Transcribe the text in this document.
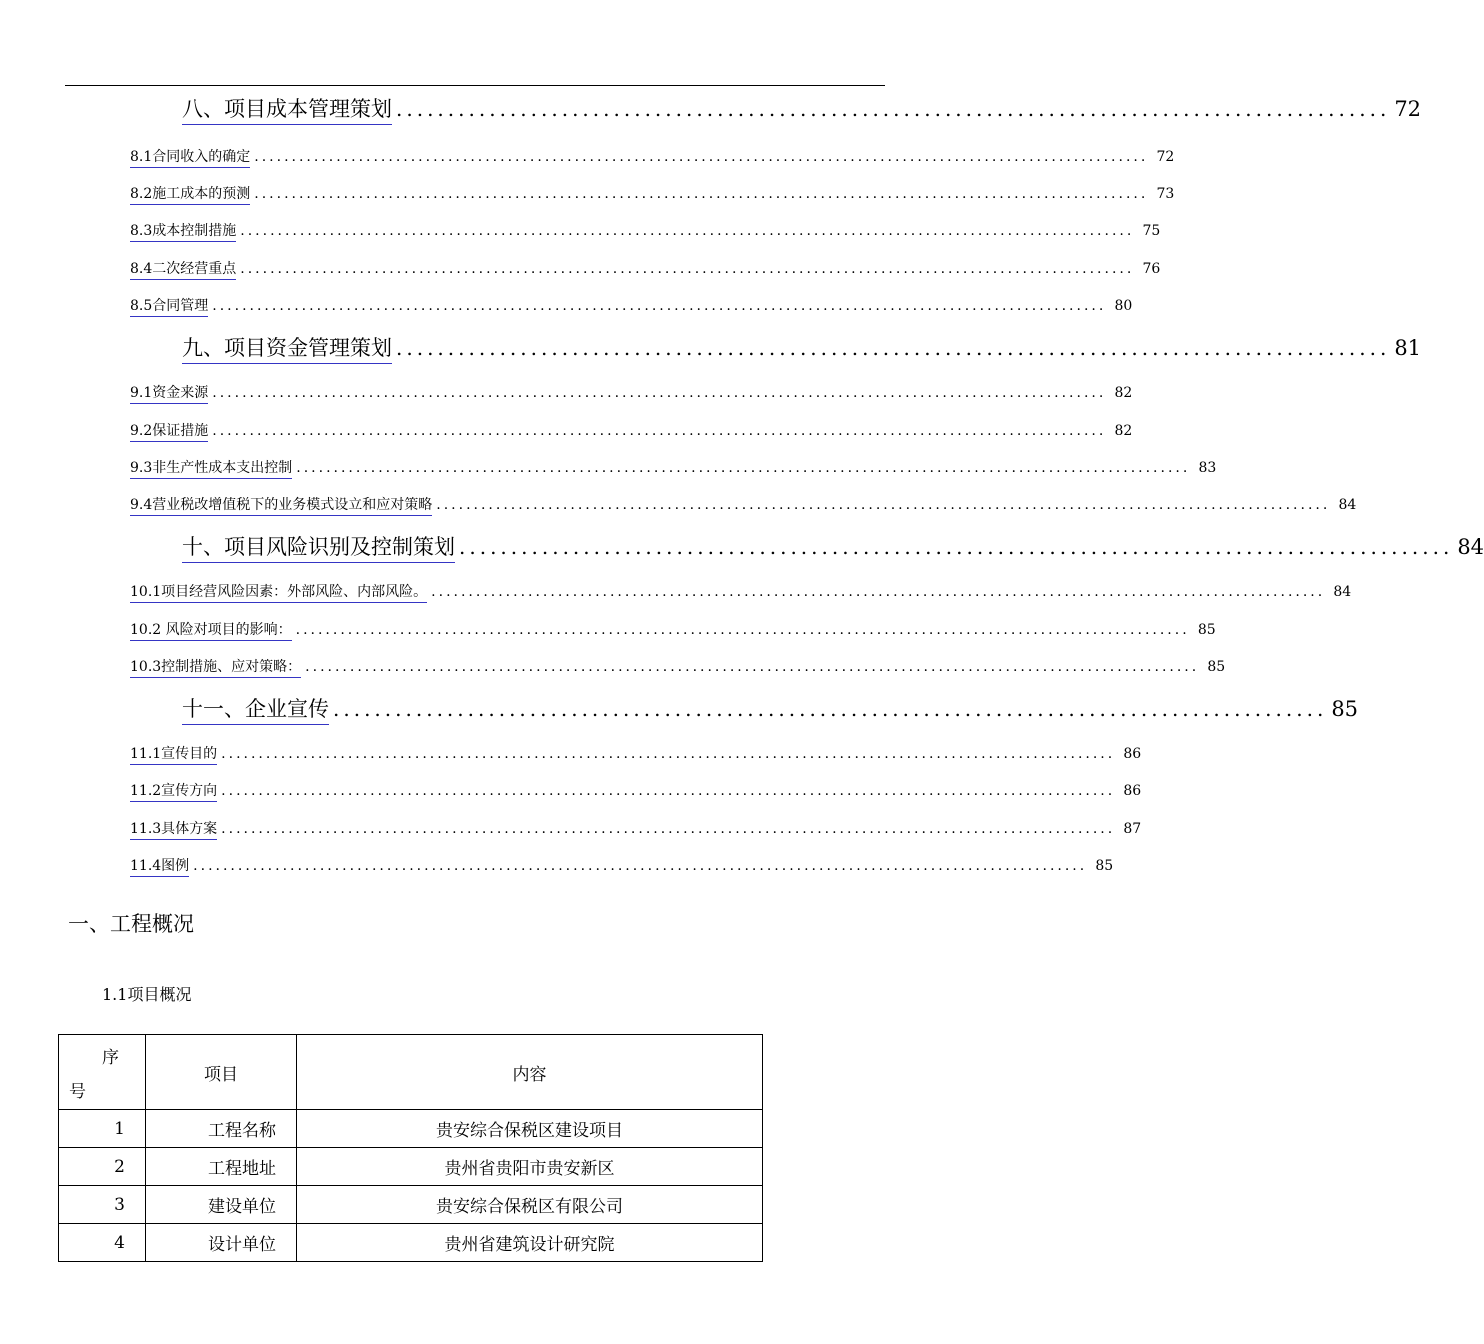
八、项目成本管理策划 ................................................................................................ 72
8.1合同收入的确定 ........................................................................................................................ 72
8.2施工成本的预测 ........................................................................................................................ 73
8.3成本控制措施 ........................................................................................................................ 75
8.4二次经营重点 ........................................................................................................................ 76
8.5合同管理 ........................................................................................................................ 80
九、项目资金管理策划 ................................................................................................ 81
9.1资金来源 ........................................................................................................................ 82
9.2保证措施 ........................................................................................................................ 82
9.3非生产性成本支出控制 ........................................................................................................................ 83
9.4营业税改增值税下的业务模式设立和应对策略 ........................................................................................................................ 84
十、项目风险识别及控制策划 ................................................................................................ 84
10.1项目经营风险因素：外部风险、内部风险。 ........................................................................................................................ 84
10.2 风险对项目的影响： ........................................................................................................................ 85
10.3控制措施、应对策略： ........................................................................................................................ 85
十一、企业宣传 ................................................................................................ 85
11.1宣传目的 ........................................................................................................................ 86
11.2宣传方向 ........................................................................................................................ 86
11.3具体方案 ........................................................................................................................ 87
11.4图例 ........................................................................................................................ 85
一、工程概况
1.1项目概况
序
号	项目	内容
1	工程名称	贵安综合保税区建设项目
2	工程地址	贵州省贵阳市贵安新区
3	建设单位	贵安综合保税区有限公司
4	设计单位	贵州省建筑设计研究院
